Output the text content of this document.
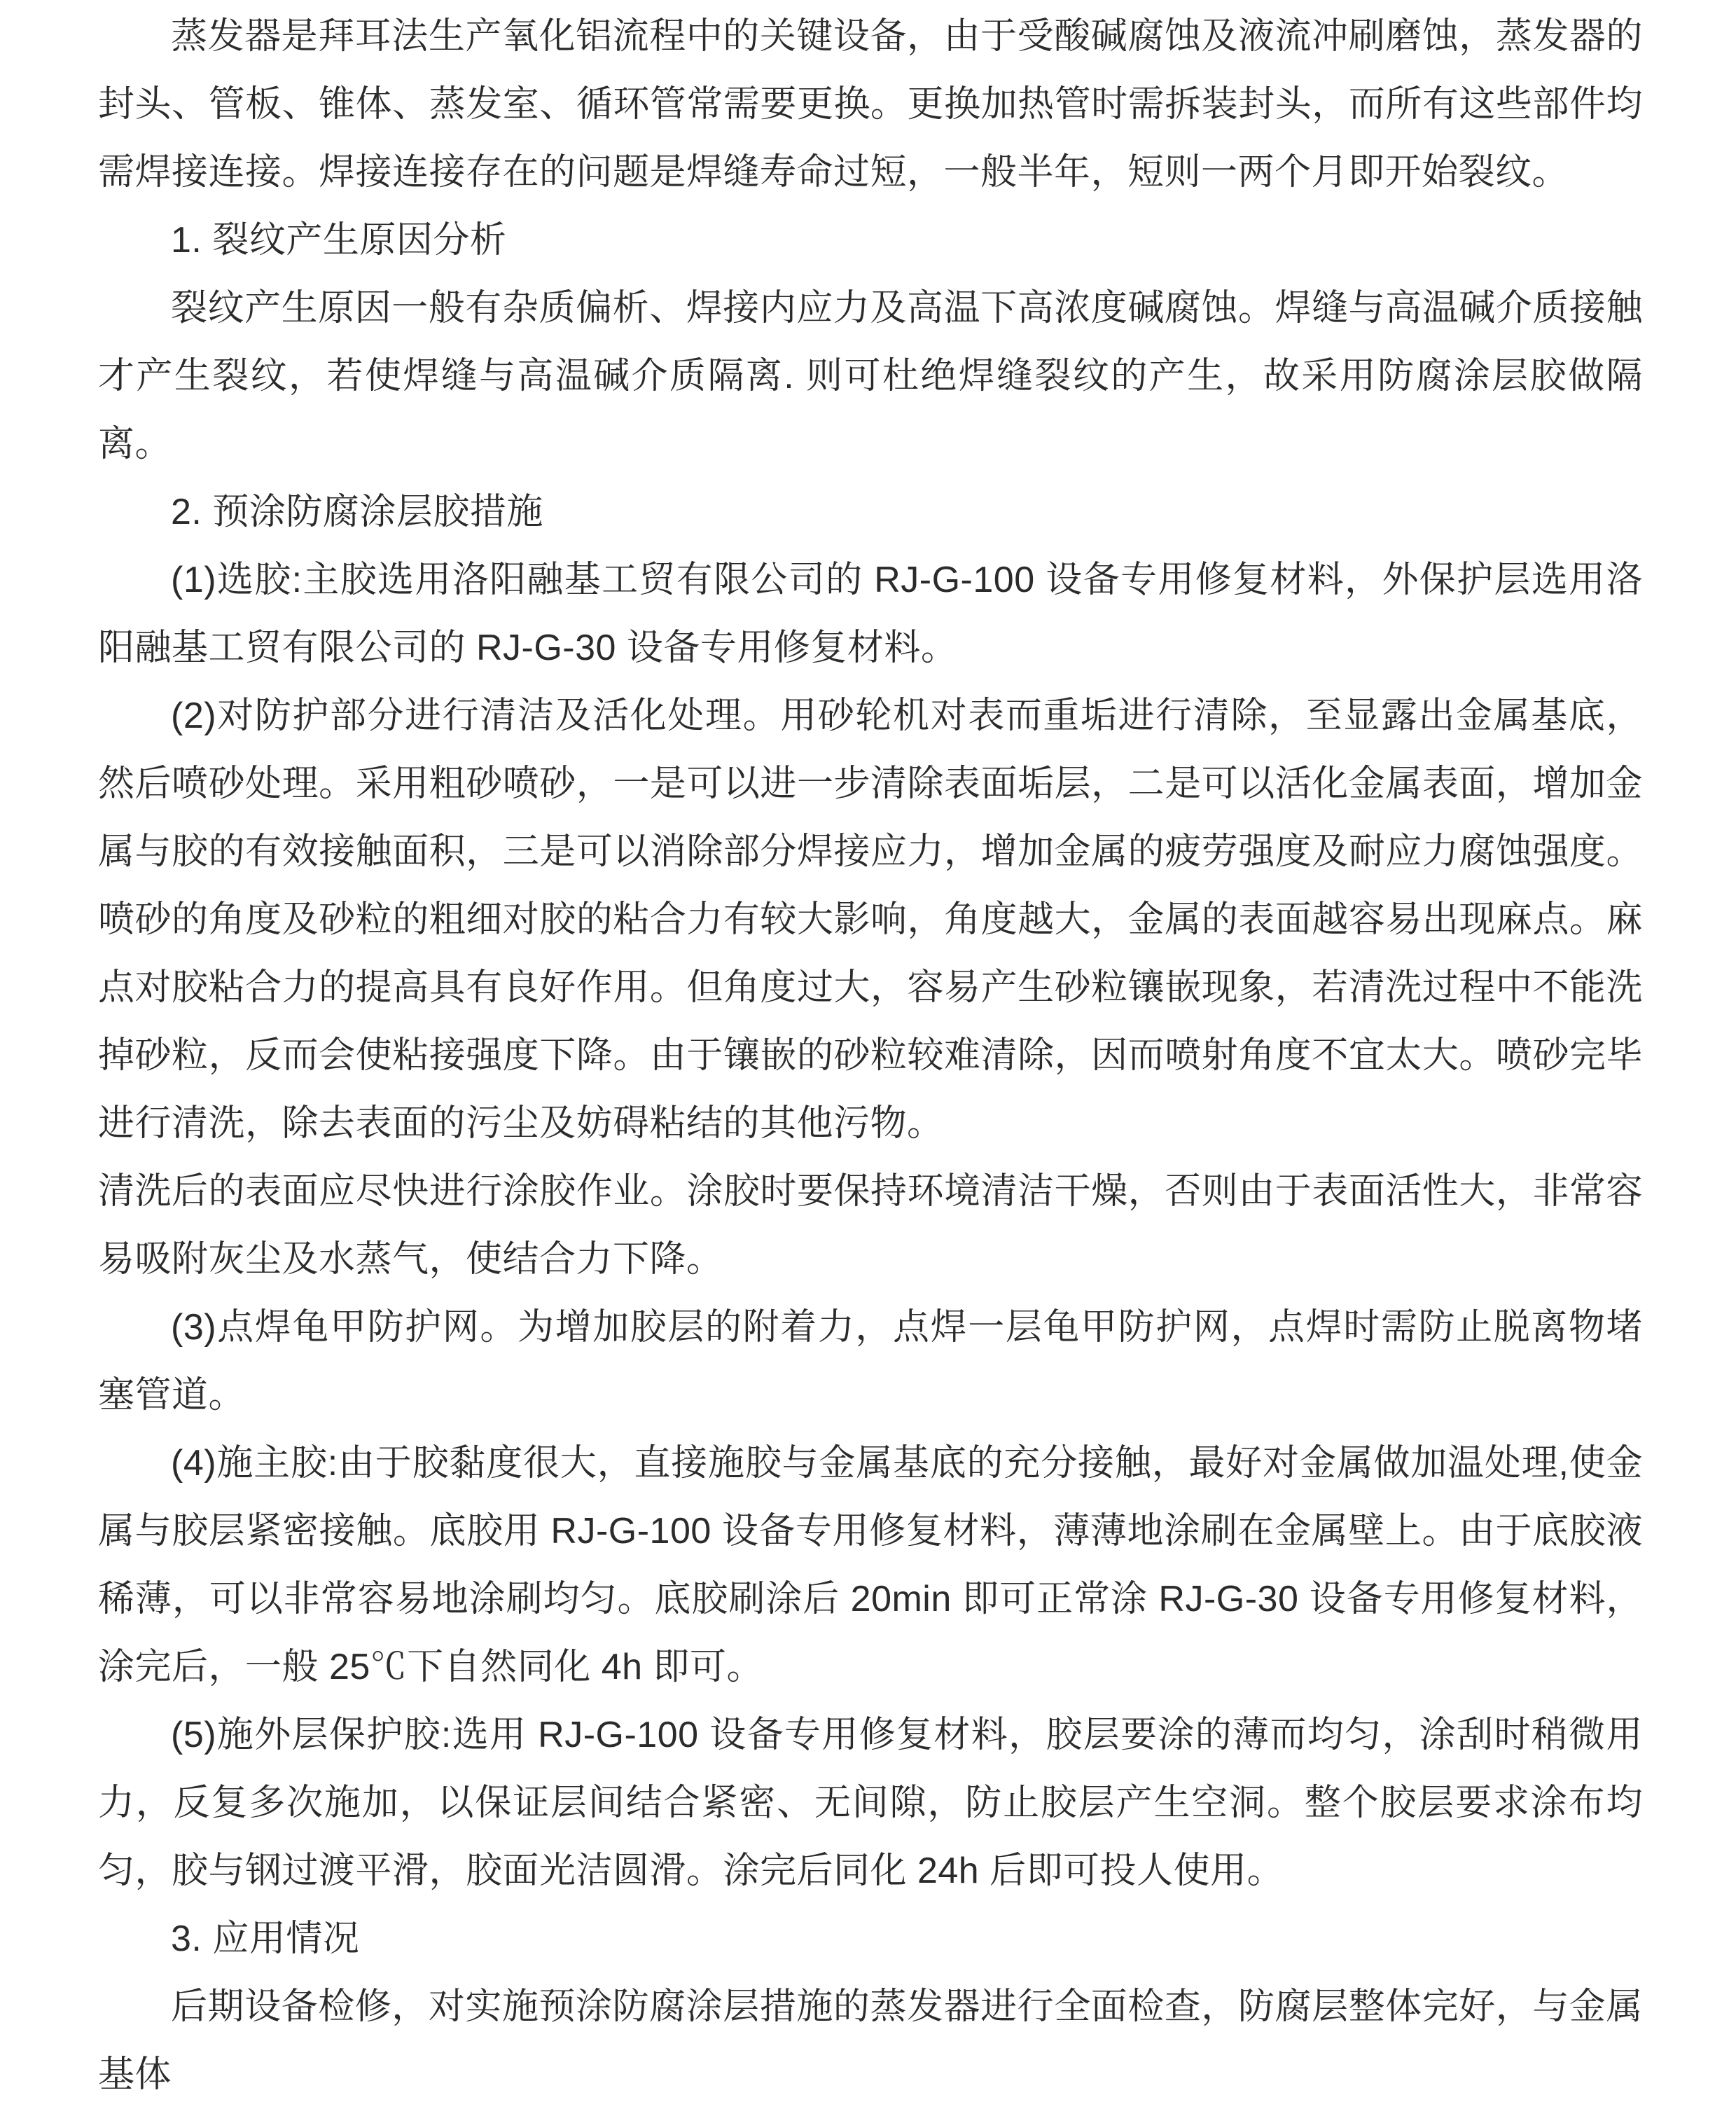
蒸发器是拜耳法生产氧化铝流程中的关键设备，由于受酸碱腐蚀及液流冲刷磨蚀，蒸发器的封头、管板、锥体、蒸发室、循环管常需要更换。更换加热管时需拆装封头，而所有这些部件均需焊接连接。焊接连接存在的问题是焊缝寿命过短，一般半年，短则一两个月即开始裂纹。

1. 裂纹产生原因分析

裂纹产生原因一般有杂质偏析、焊接内应力及高温下高浓度碱腐蚀。焊缝与高温碱介质接触才产生裂纹，若使焊缝与高温碱介质隔离. 则可杜绝焊缝裂纹的产生，故采用防腐涂层胶做隔离。

2. 预涂防腐涂层胶措施

(1)选胶:主胶选用洛阳融基工贸有限公司的 RJ-G-100 设备专用修复材料，外保护层选用洛阳融基工贸有限公司的 RJ-G-30 设备专用修复材料。

(2)对防护部分进行清洁及活化处理。用砂轮机对表而重垢进行清除，至显露出金属基底，然后喷砂处理。采用粗砂喷砂，一是可以进一步清除表面垢层，二是可以活化金属表面，增加金属与胶的有效接触面积，三是可以消除部分焊接应力，增加金属的疲劳强度及耐应力腐蚀强度。喷砂的角度及砂粒的粗细对胶的粘合力有较大影响，角度越大，金属的表面越容易出现麻点。麻点对胶粘合力的提高具有良好作用。但角度过大，容易产生砂粒镶嵌现象，若清洗过程中不能洗掉砂粒，反而会使粘接强度下降。由于镶嵌的砂粒较难清除，因而喷射角度不宜太大。喷砂完毕进行清洗，除去表面的污尘及妨碍粘结的其他污物。

清洗后的表面应尽快进行涂胶作业。涂胶时要保持环境清洁干燥，否则由于表面活性大，非常容易吸附灰尘及水蒸气，使结合力下降。

(3)点焊龟甲防护网。为增加胶层的附着力，点焊一层龟甲防护网，点焊时需防止脱离物堵塞管道。

(4)施主胶:由于胶黏度很大，直接施胶与金属基底的充分接触，最好对金属做加温处理,使金属与胶层紧密接触。底胶用 RJ-G-100 设备专用修复材料，薄薄地涂刷在金属壁上。由于底胶液稀薄，可以非常容易地涂刷均匀。底胶刷涂后 20min 即可正常涂 RJ-G-30 设备专用修复材料，涂完后，一般 25℃下自然同化 4h 即可。

(5)施外层保护胶:选用 RJ-G-100 设备专用修复材料，胶层要涂的薄而均匀，涂刮时稍微用力，反复多次施加，以保证层间结合紧密、无间隙，防止胶层产生空洞。整个胶层要求涂布均匀，胶与钢过渡平滑，胶面光洁圆滑。涂完后同化 24h 后即可投人使用。

3. 应用情况

后期设备检修，对实施预涂防腐涂层措施的蒸发器进行全面检查，防腐层整体完好，与金属基体
